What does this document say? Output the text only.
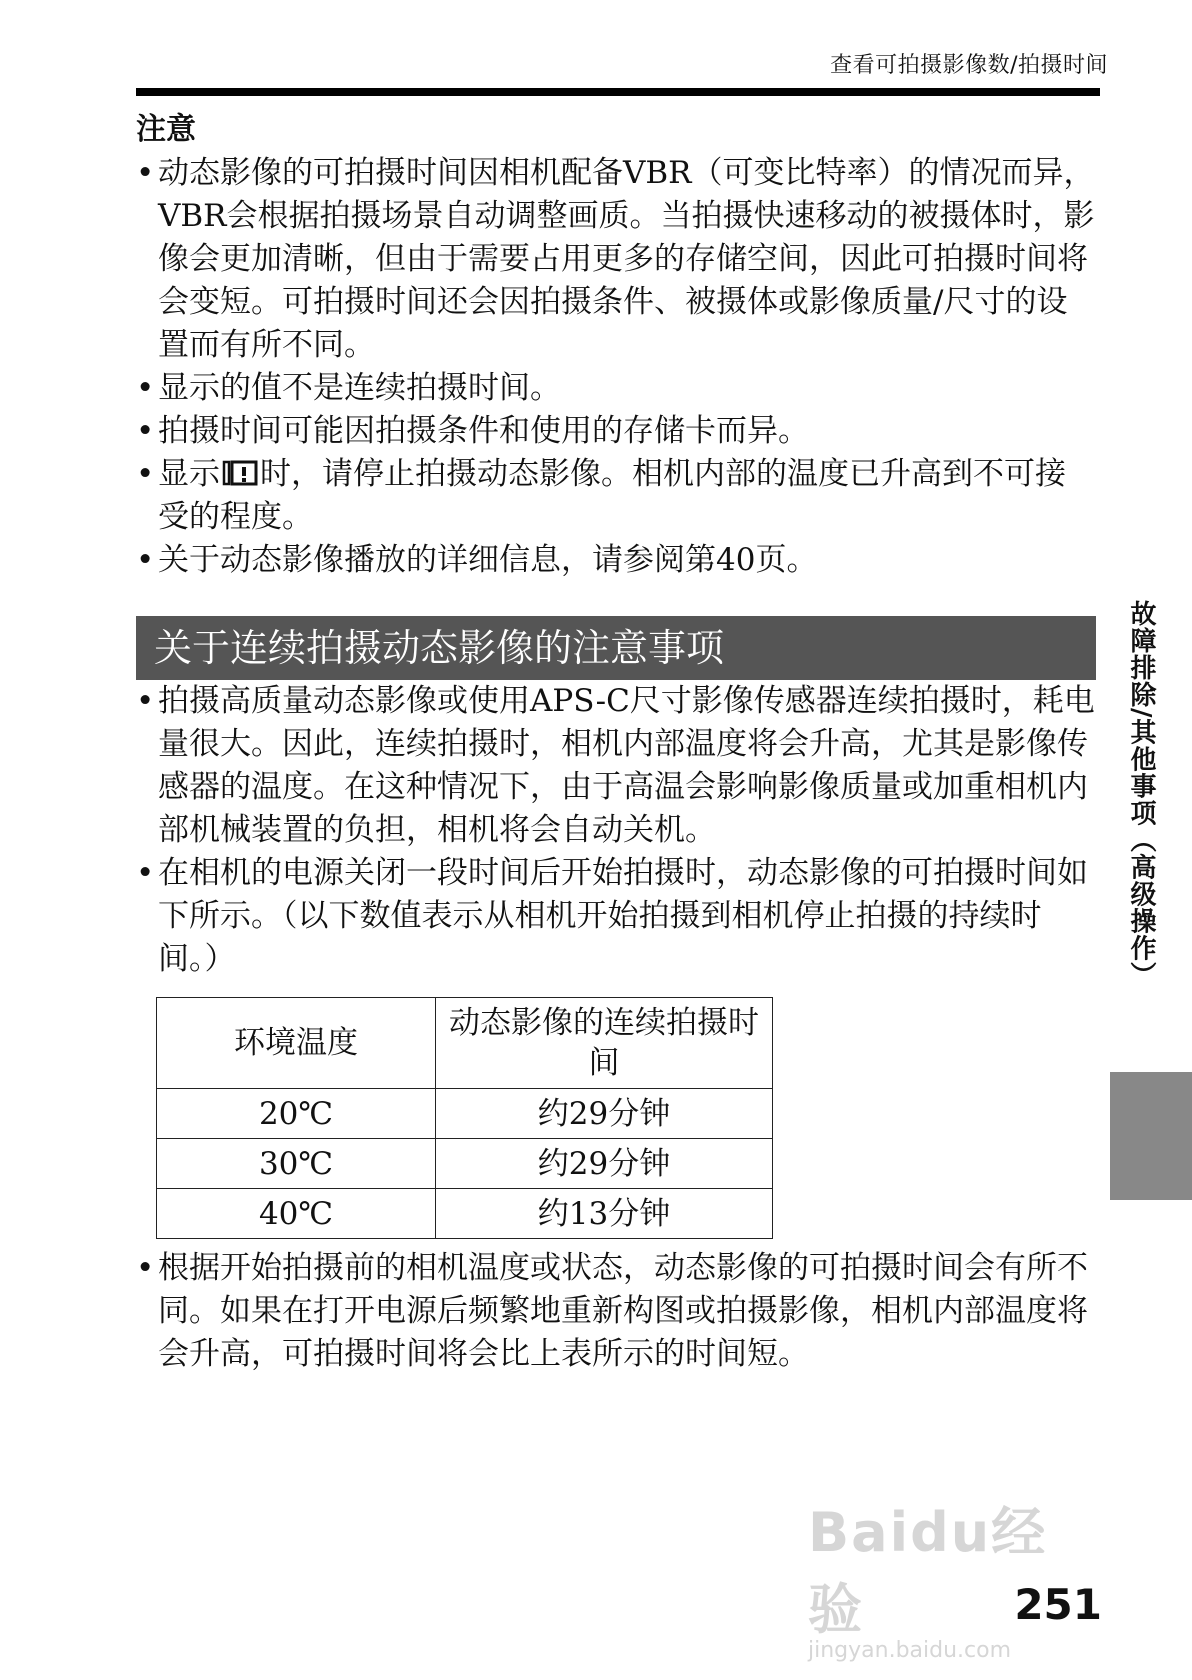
查看可拍摄影像数/拍摄时间
注意
• 动态影像的可拍摄时间因相机配备VBR（可变比特率）的情况而异，VBR会根据拍摄场景自动调整画质。当拍摄快速移动的被摄体时，影像会更加清晰，但由于需要占用更多的存储空间，因此可拍摄时间将会变短。可拍摄时间还会因拍摄条件、被摄体或影像质量/尺寸的设置而有所不同。
• 显示的值不是连续拍摄时间。
• 拍摄时间可能因拍摄条件和使用的存储卡而异。
• 显示 时，请停止拍摄动态影像。相机内部的温度已升高到不可接受的程度。
• 关于动态影像播放的详细信息，请参阅第40页。
关于连续拍摄动态影像的注意事项
• 拍摄高质量动态影像或使用APS-C尺寸影像传感器连续拍摄时，耗电量很大。因此，连续拍摄时，相机内部温度将会升高，尤其是影像传感器的温度。在这种情况下，由于高温会影响影像质量或加重相机内部机械装置的负担，相机将会自动关机。
• 在相机的电源关闭一段时间后开始拍摄时，动态影像的可拍摄时间如下所示。（以下数值表示从相机开始拍摄到相机停止拍摄的持续时间。）
环境温度	动态影像的连续拍摄时间
20℃	约29分钟
30℃	约29分钟
40℃	约13分钟
• 根据开始拍摄前的相机温度或状态，动态影像的可拍摄时间会有所不同。如果在打开电源后频繁地重新构图或拍摄影像，相机内部温度将会升高，可拍摄时间将会比上表所示的时间短。
故障排除/其他事项（高级操作）
Baidu经验
jingyan.baidu.com
251
